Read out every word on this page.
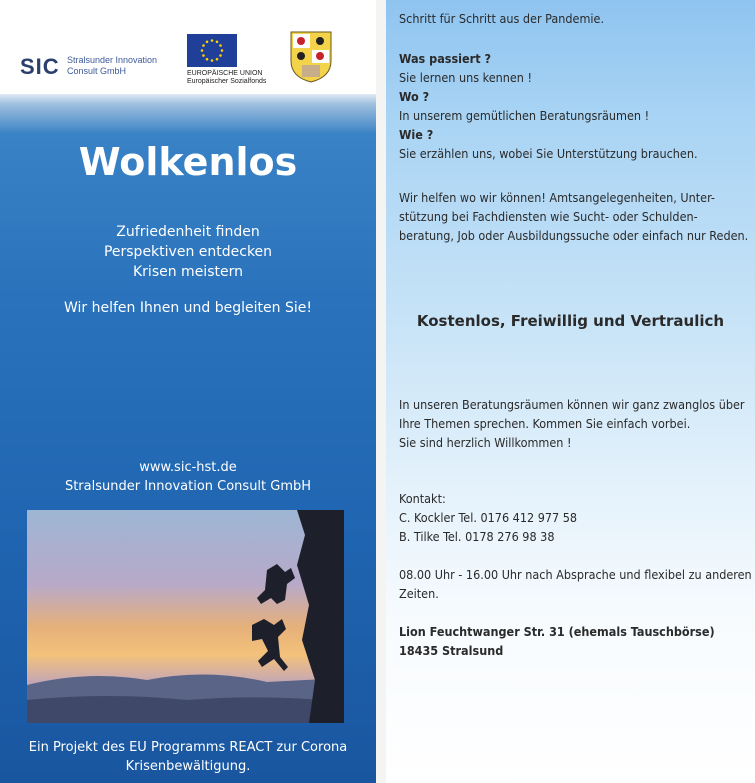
SIC Stralsunder Innovation
Consult GmbH	EUROPÄISCHE UNION
Europäischer Sozialfonds
Wolkenlos
Zufriedenheit finden
Perspektiven entdecken
Krisen meistern
Wir helfen Ihnen und begleiten Sie!
www.sic-hst.de
Stralsunder Innovation Consult GmbH
Ein Projekt des EU Programms REACT zur Corona
Krisenbewältigung.
Schritt für Schritt aus der Pandemie.
Was passiert ?
Sie lernen uns kennen !
Wo ?
In unserem gemütlichen Beratungsräumen !
Wie ?
Sie erzählen uns, wobei Sie Unterstützung brauchen.
Wir helfen wo wir können! Amtsangelegenheiten, Unter-
stützung bei Fachdiensten wie Sucht- oder Schulden-
beratung, Job oder Ausbildungssuche oder einfach nur Reden.
Kostenlos, Freiwillig und Vertraulich
In unseren Beratungsräumen können wir ganz zwanglos über
Ihre Themen sprechen. Kommen Sie einfach vorbei.
Sie sind herzlich Willkommen !
Kontakt:
C. Kockler Tel. 0176 412 977 58
B. Tilke Tel. 0178 276 98 38
08.00 Uhr - 16.00 Uhr nach Absprache und flexibel zu anderen
Zeiten.
Lion Feuchtwanger Str. 31 (ehemals Tauschbörse)
18435 Stralsund
